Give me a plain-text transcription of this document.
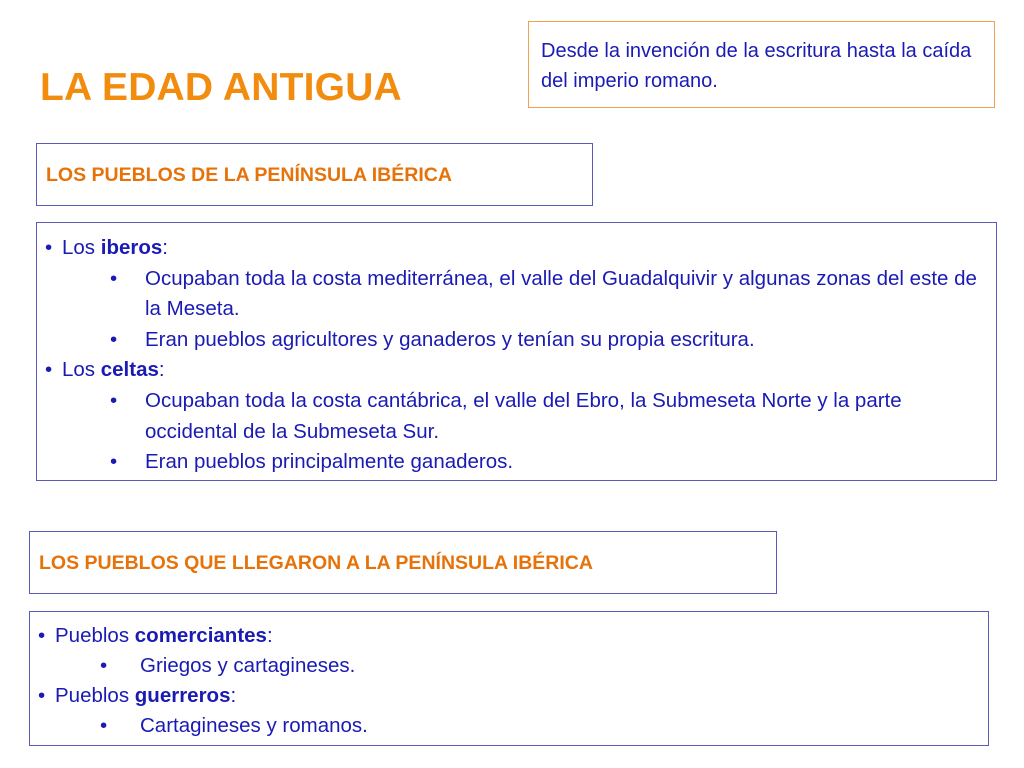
LA EDAD ANTIGUA
Desde la invención de la escritura hasta la caída del imperio romano.
LOS PUEBLOS DE LA PENÍNSULA IBÉRICA
• Los iberos:
• Ocupaban toda la costa mediterránea, el valle del Guadalquivir y algunas zonas del este de la Meseta.
• Eran pueblos agricultores y ganaderos y tenían su propia escritura.
• Los celtas:
• Ocupaban toda la costa cantábrica, el valle del Ebro, la Submeseta Norte y la parte occidental de la Submeseta Sur.
• Eran pueblos principalmente ganaderos.
LOS PUEBLOS QUE LLEGARON A LA PENÍNSULA IBÉRICA
• Pueblos comerciantes:
• Griegos y cartagineses.
• Pueblos guerreros:
• Cartagineses y romanos.
